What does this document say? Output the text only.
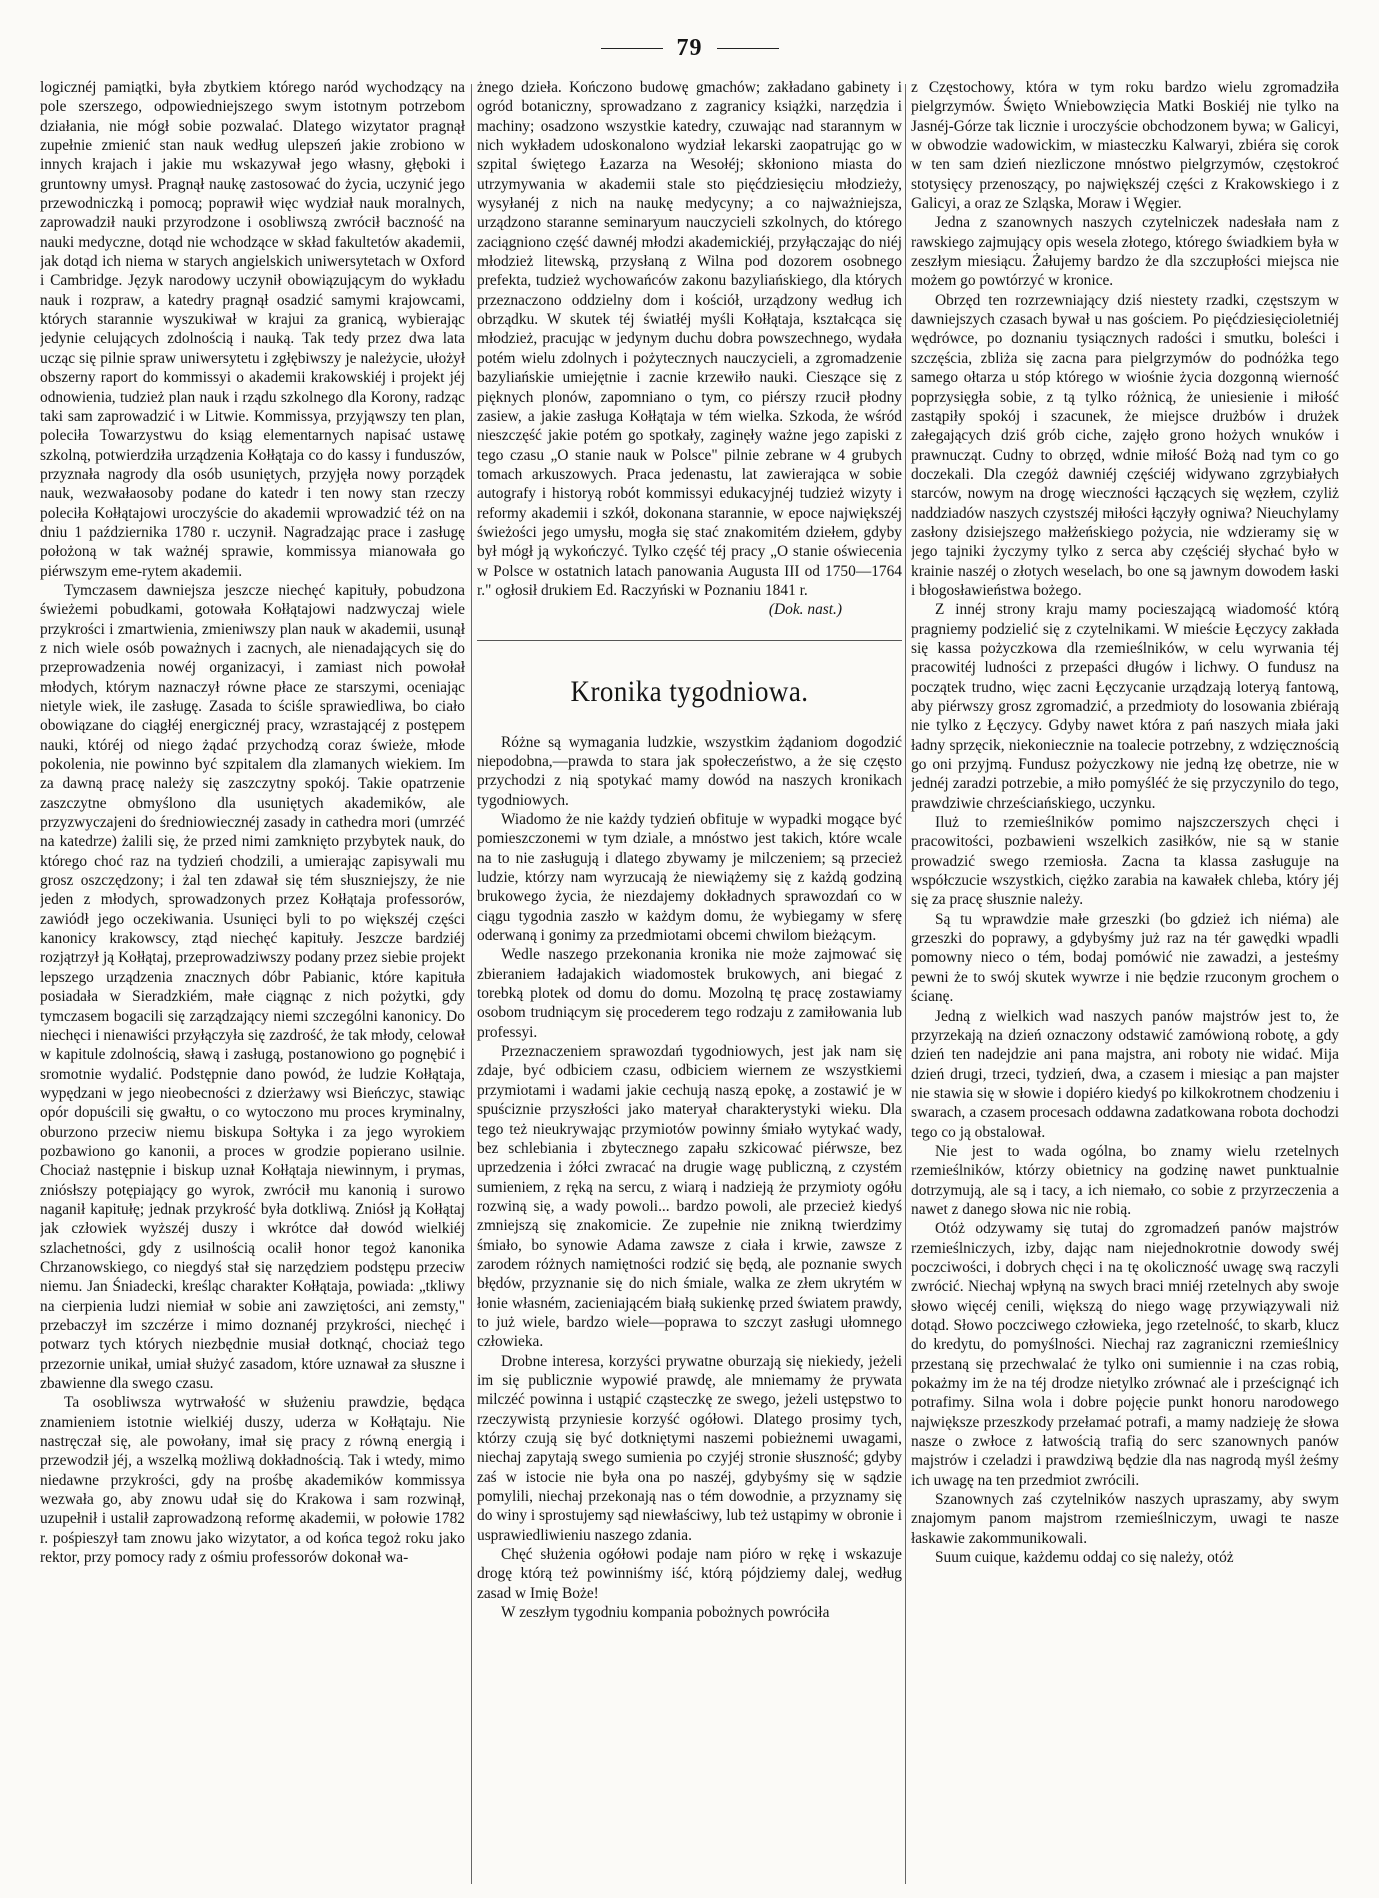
79

logicznéj pamiątki, była zbytkiem którego naród wychodzący na pole szerszego, odpowiedniejszego swym istotnym potrzebom działania, nie mógł sobie pozwalać. Dlatego wizytator pragnął zupełnie zmienić stan nauk według ulepszeń jakie zrobiono w innych krajach i jakie mu wskazywał jego własny, głęboki i gruntowny umysł. Pragnął naukę zastosować do życia, uczynić jego przewodniczką i pomocą; poprawił więc wydział nauk moralnych, zaprowadził nauki przyrodzone i osobliwszą zwrócił baczność na nauki medyczne, dotąd nie wchodzące w skład fakultetów akademii, jak dotąd ich niema w starych angielskich uniwersytetach w Oxford i Cambridge. Język narodowy uczynił obowiązującym do wykładu nauk i rozpraw, a katedry pragnął osadzić samymi krajowcami, których starannie wyszukiwał w krajui za granicą, wybierając jedynie celujących zdolnością i nauką. Tak tedy przez dwa lata ucząc się pilnie spraw uniwersytetu i zgłębiwszy je należycie, ułożył obszerny raport do kommissyi o akademii krakowskiéj i projekt jéj odnowienia, tudzież plan nauk i rządu szkolnego dla Korony, radząc taki sam zaprowadzić i w Litwie. Kommissya, przyjąwszy ten plan, poleciła Towarzystwu do ksiąg elementarnych napisać ustawę szkolną, potwierdziła urządzenia Kołłątaja co do kassy i funduszów, przyznała nagrody dla osób usuniętych, przyjęła nowy porządek nauk, wezwałaosoby podane do katedr i ten nowy stan rzeczy poleciła Kołłątajowi uroczyście do akademii wprowadzić téż on na dniu 1 października 1780 r. uczynił. Nagradzając prace i zasługę położoną w tak ważnéj sprawie, kommissya mianowała go piérwszym eme-rytem akademii.

Tymczasem dawniejsza jeszcze niechęć kapituły, pobudzona świeżemi pobudkami, gotowała Kołłątajowi nadzwyczaj wiele przykrości i zmartwienia, zmieniwszy plan nauk w akademii, usunął z nich wiele osób poważnych i zacnych, ale nienadających się do przeprowadzenia nowéj organizacyi, i zamiast nich powołał młodych, którym naznaczył równe płace ze starszymi, oceniając nietyle wiek, ile zasługę. Zasada to ściśle sprawiedliwa, bo ciało obowiązane do ciągłéj energicznéj pracy, wzrastającéj z postępem nauki, któréj od niego żądać przychodzą coraz świeże, młode pokolenia, nie powinno być szpitalem dla zlamanych wiekiem. Im za dawną pracę należy się zaszczytny spokój. Takie opatrzenie zaszczytne obmyślono dla usuniętych akademików, ale przyzwyczajeni do średniowiecznéj zasady in cathedra mori (umrzéć na katedrze) żalili się, że przed nimi zamknięto przybytek nauk, do którego choć raz na tydzień chodzili, a umierając zapisywali mu grosz oszczędzony; i żal ten zdawał się tém słuszniejszy, że nie jeden z młodych, sprowadzonych przez Kołłątaja professorów, zawiódł jego oczekiwania. Usunięci byli to po większéj części kanonicy krakowscy, ztąd niechęć kapituły. Jeszcze bardziéj rozjątrzył ją Kołłątaj, przeprowadziwszy podany przez siebie projekt lepszego urządzenia znacznych dóbr Pabianic, które kapituła posiadała w Sieradzkiém, małe ciągnąc z nich pożytki, gdy tymczasem bogacili się zarządzający niemi szczególni kanonicy. Do niechęci i nienawiści przyłączyła się zazdrość, że tak młody, celował w kapitule zdolnością, sławą i zasługą, postanowiono go pognębić i sromotnie wydalić. Podstępnie dano powód, że ludzie Kołłątaja, wypędzani w jego nieobecności z dzierżawy wsi Bieńczyc, stawiąc opór dopuścili się gwałtu, o co wytoczono mu proces kryminalny, oburzono przeciw niemu biskupa Sołtyka i za jego wyrokiem pozbawiono go kanonii, a proces w grodzie popierano usilnie. Chociaż następnie i biskup uznał Kołłątaja niewinnym, i prymas, zniósłszy potępiający go wyrok, zwrócił mu kanonią i surowo naganił kapitułę; jednak przykrość była dotkliwą. Zniósł ją Kołłątaj jak człowiek wyższéj duszy i wkrótce dał dowód wielkiéj szlachetności, gdy z usilnością ocalił honor tegoż kanonika Chrzanowskiego, co niegdyś stał się narzędziem podstępu przeciw niemu. Jan Śniadecki, kreśląc charakter Kołłątaja, powiada: „tkliwy na cierpienia ludzi niemiał w sobie ani zawziętości, ani zemsty," przebaczył im szczérze i mimo doznanéj przykrości, niechęć i potwarz tych których niezbędnie musiał dotknąć, chociaż tego przezornie unikał, umiał służyć zasadom, które uznawał za słuszne i zbawienne dla swego czasu.

Ta osobliwsza wytrwałość w służeniu prawdzie, będąca znamieniem istotnie wielkiéj duszy, uderza w Kołłątaju. Nie nastręczał się, ale powołany, imał się pracy z równą energią i przewodził jéj, a wszelką możliwą dokładnością. Tak i wtedy, mimo niedawne przykrości, gdy na prośbę akademików kommissya wezwała go, aby znowu udał się do Krakowa i sam rozwinął, uzupełnił i ustalił zaprowadzoną reformę akademii, w połowie 1782 r. pośpieszył tam znowu jako wizytator, a od końca tegoż roku jako rektor, przy pomocy rady z ośmiu professorów dokonał wa-

żnego dzieła. Kończono budowę gmachów; zakładano gabinety i ogród botaniczny, sprowadzano z zagranicy książki, narzędzia i machiny; osadzono wszystkie katedry, czuwając nad starannym w nich wykładem udoskonalono wydział lekarski zaopatrując go w szpital świętego Łazarza na Wesołéj; skłoniono miasta do utrzymywania w akademii stale sto pięćdziesięciu młodzieży, wysyłanéj z nich na naukę medycyny; a co najważniejsza, urządzono staranne seminaryum nauczycieli szkolnych, do którego zaciągniono część dawnéj młodzi akademickiéj, przyłączając do niéj młodzież litewską, przysłaną z Wilna pod dozorem osobnego prefekta, tudzież wychowańców zakonu bazyliańskiego, dla których przeznaczono oddzielny dom i kościół, urządzony według ich obrządku. W skutek téj światłéj myśli Kołłątaja, kształcąca się młodzież, pracując w jedynym duchu dobra powszechnego, wydała potém wielu zdolnych i pożytecznych nauczycieli, a zgromadzenie bazyliańskie umiejętnie i zacnie krzewiło nauki. Cieszące się z pięknych plonów, zapomniano o tym, co piérszy rzucił płodny zasiew, a jakie zasługa Kołłątaja w tém wielka. Szkoda, że wśród nieszczęść jakie potém go spotkały, zaginęły ważne jego zapiski z tego czasu „O stanie nauk w Polsce" pilnie zebrane w 4 grubych tomach arkuszowych. Praca jedenastu, lat zawierająca w sobie autografy i historyą robót kommissyi edukacyjnéj tudzież wizyty i reformy akademii i szkół, dokonana starannie, w epoce największéj świeżości jego umysłu, mogła się stać znakomitém dziełem, gdyby był mógł ją wykończyć. Tylko część téj pracy „O stanie oświecenia w Polsce w ostatnich latach panowania Augusta III od 1750—1764 r." ogłosił drukiem Ed. Raczyński w Poznaniu 1841 r.

(Dok. nast.)
Kronika tygodniowa.

Różne są wymagania ludzkie, wszystkim żądaniom dogodzić niepodobna,—prawda to stara jak społeczeństwo, a że się często przychodzi z nią spotykać mamy dowód na naszych kronikach tygodniowych.

Wiadomo że nie każdy tydzień obfituje w wypadki mogące być pomieszczonemi w tym dziale, a mnóstwo jest takich, które wcale na to nie zasługują i dlatego zbywamy je milczeniem; są przecież ludzie, którzy nam wyrzucają że niewiążemy się z każdą godziną brukowego życia, że niezdajemy dokładnych sprawozdań co w ciągu tygodnia zaszło w każdym domu, że wybiegamy w sferę oderwaną i gonimy za przedmiotami obcemi chwilom bieżącym.

Wedle naszego przekonania kronika nie może zajmować się zbieraniem ładajakich wiadomostek brukowych, ani biegać z torebką plotek od domu do domu. Mozolną tę pracę zostawiamy osobom trudniącym się procederem tego rodzaju z zamiłowania lub professyi.

Przeznaczeniem sprawozdań tygodniowych, jest jak nam się zdaje, być odbiciem czasu, odbiciem wiernem ze wszystkiemi przymiotami i wadami jakie cechują naszą epokę, a zostawić je w spuściznie przyszłości jako materyał charakterystyki wieku. Dla tego też nieukrywając przymiotów powinny śmiało wytykać wady, bez schlebiania i zbytecznego zapału szkicować piérwsze, bez uprzedzenia i żółci zwracać na drugie wagę publiczną, z czystém sumieniem, z ręką na sercu, z wiarą i nadzieją że przymioty ogółu rozwiną się, a wady powoli... bardzo powoli, ale przecież kiedyś zmniejszą się znakomicie. Ze zupełnie nie znikną twierdzimy śmiało, bo synowie Adama zawsze z ciała i krwie, zawsze z zarodem różnych namiętności rodzić się będą, ale poznanie swych błędów, przyznanie się do nich śmiale, walka ze złem ukrytém w łonie własném, zacieniającém białą sukienkę przed światem prawdy, to już wiele, bardzo wiele—poprawa to szczyt zasługi ułomnego człowieka.

Drobne interesa, korzyści prywatne oburzają się niekiedy, jeżeli im się publicznie wypowié prawdę, ale mniemamy że prywata milczéć powinna i ustąpić cząsteczkę ze swego, jeżeli ustępstwo to rzeczywistą przyniesie korzyść ogółowi. Dlatego prosimy tych, którzy czują się być dotkniętymi naszemi pobieżnemi uwagami, niechaj zapytają swego sumienia po czyjéj stronie słuszność; gdyby zaś w istocie nie była ona po naszéj, gdybyśmy się w sądzie pomylili, niechaj przekonają nas o tém dowodnie, a przyznamy się do winy i sprostujemy sąd niewłaściwy, lub też ustąpimy w obronie i usprawiedliwieniu naszego zdania.

Chęć służenia ogółowi podaje nam pióro w rękę i wskazuje drogę którą też powinniśmy iść, którą pójdziemy dalej, według zasad w Imię Boże!

W zeszłym tygodniu kompania pobożnych powróciła

z Częstochowy, która w tym roku bardzo wielu zgromadziła pielgrzymów. Święto Wniebowzięcia Matki Boskiéj nie tylko na Jasnéj-Górze tak licznie i uroczyście obchodzonem bywa; w Galicyi, w obwodzie wadowickim, w miasteczku Kalwaryi, zbiéra się corok w ten sam dzień niezliczone mnóstwo pielgrzymów, częstokroć stotysięcy przenoszący, po największéj części z Krakowskiego i z Galicyi, a oraz ze Szląska, Moraw i Węgier.

Jedna z szanownych naszych czytelniczek nadesłała nam z rawskiego zajmujący opis wesela złotego, którego świadkiem była w zeszłym miesiącu. Żałujemy bardzo że dla szczupłości miejsca nie możem go powtórzyć w kronice.

Obrzęd ten rozrzewniający dziś niestety rzadki, częstszym w dawniejszych czasach bywał u nas gościem. Po pięćdziesięcioletniéj wędrówce, po doznaniu tysiącznych radości i smutku, boleści i szczęścia, zbliża się zacna para pielgrzymów do podnóżka tego samego ołtarza u stóp którego w wiośnie życia dozgonną wierność poprzysięgła sobie, z tą tylko różnicą, że uniesienie i miłość zastąpiły spokój i szacunek, że miejsce drużbów i drużek załegających dziś grób ciche, zajęło grono hożych wnuków i prawnucząt. Cudny to obrzęd, wdnie miłość Bożą nad tym co go doczekali. Dla czegóż dawniéj częściéj widywano zgrzybiałych starców, nowym na drogę wieczności łączących się węzłem, czyliż naddziadów naszych czystszéj miłości łączyły ogniwa? Nieuchylamy zasłony dzisiejszego małżeńskiego pożycia, nie wdzieramy się w jego tajniki życzymy tylko z serca aby częściéj słychać było w krainie naszéj o złotych weselach, bo one są jawnym dowodem łaski i błogosławieństwa bożego.

Z innéj strony kraju mamy pocieszającą wiadomość którą pragniemy podzielić się z czytelnikami. W mieście Łęczycy zakłada się kassa pożyczkowa dla rzemieślników, w celu wyrwania téj pracowitéj ludności z przepaści długów i lichwy. O fundusz na początek trudno, więc zacni Łęczycanie urządzają loteryą fantową, aby piérwszy grosz zgromadzić, a przedmioty do losowania zbiérają nie tylko z Łęczycy. Gdyby nawet która z pań naszych miała jaki ładny sprzęcik, niekoniecznie na toalecie potrzebny, z wdzięcznością go oni przyjmą. Fundusz pożyczkowy nie jedną łzę obetrze, nie w jednéj zaradzi potrzebie, a miło pomyśléć że się przyczynilo do tego, prawdziwie chrześciańskiego, uczynku.

Iluż to rzemieślników pomimo najszczerszych chęci i pracowitości, pozbawieni wszelkich zasiłków, nie są w stanie prowadzić swego rzemiosła. Zacna ta klassa zasługuje na współczucie wszystkich, ciężko zarabia na kawałek chleba, który jéj się za pracę słusznie należy.

Są tu wprawdzie małe grzeszki (bo gdzież ich niéma) ale grzeszki do poprawy, a gdybyśmy już raz na tér gawędki wpadli pomowny nieco o tém, bodaj pomówić nie zawadzi, a jesteśmy pewni że to swój skutek wywrze i nie będzie rzuconym grochem o ścianę.

Jedną z wielkich wad naszych panów majstrów jest to, że przyrzekają na dzień oznaczony odstawić zamówioną robotę, a gdy dzień ten nadejdzie ani pana majstra, ani roboty nie widać. Mija dzień drugi, trzeci, tydzień, dwa, a czasem i miesiąc a pan majster nie stawia się w słowie i dopiéro kiedyś po kilkokrotnem chodzeniu i swarach, a czasem procesach oddawna zadatkowana robota dochodzi tego co ją obstalował.

Nie jest to wada ogólna, bo znamy wielu rzetelnych rzemieślników, którzy obietnicy na godzinę nawet punktualnie dotrzymują, ale są i tacy, a ich niemało, co sobie z przyrzeczenia a nawet z danego słowa nic nie robią.

Otóż odzywamy się tutaj do zgromadzeń panów majstrów rzemieślniczych, izby, dając nam niejednokrotnie dowody swéj poczciwości, i dobrych chęci i na tę okoliczność uwagę swą raczyli zwrócić. Niechaj wpłyną na swych braci mniéj rzetelnych aby swoje słowo więcéj cenili, większą do niego wagę przywiązywali niż dotąd. Słowo poczciwego człowieka, jego rzetelność, to skarb, klucz do kredytu, do pomyślności. Niechaj raz zagraniczni rzemieślnicy przestaną się przechwalać że tylko oni sumiennie i na czas robią, pokażmy im że na téj drodze nietylko zrównać ale i prześcignąć ich potrafimy. Silna wola i dobre pojęcie punkt honoru narodowego największe przeszkody przełamać potrafi, a mamy nadzieję że słowa nasze o zwłoce z łatwością trafią do serc szanownych panów majstrów i czeladzi i prawdziwą będzie dla nas nagrodą myśl żeśmy ich uwagę na ten przedmiot zwrócili.

Szanownych zaś czytelników naszych upraszamy, aby swym znajomym panom majstrom rzemieślniczym, uwagi te nasze łaskawie zakommunikowali.

Suum cuique, każdemu oddaj co się należy, otóż
